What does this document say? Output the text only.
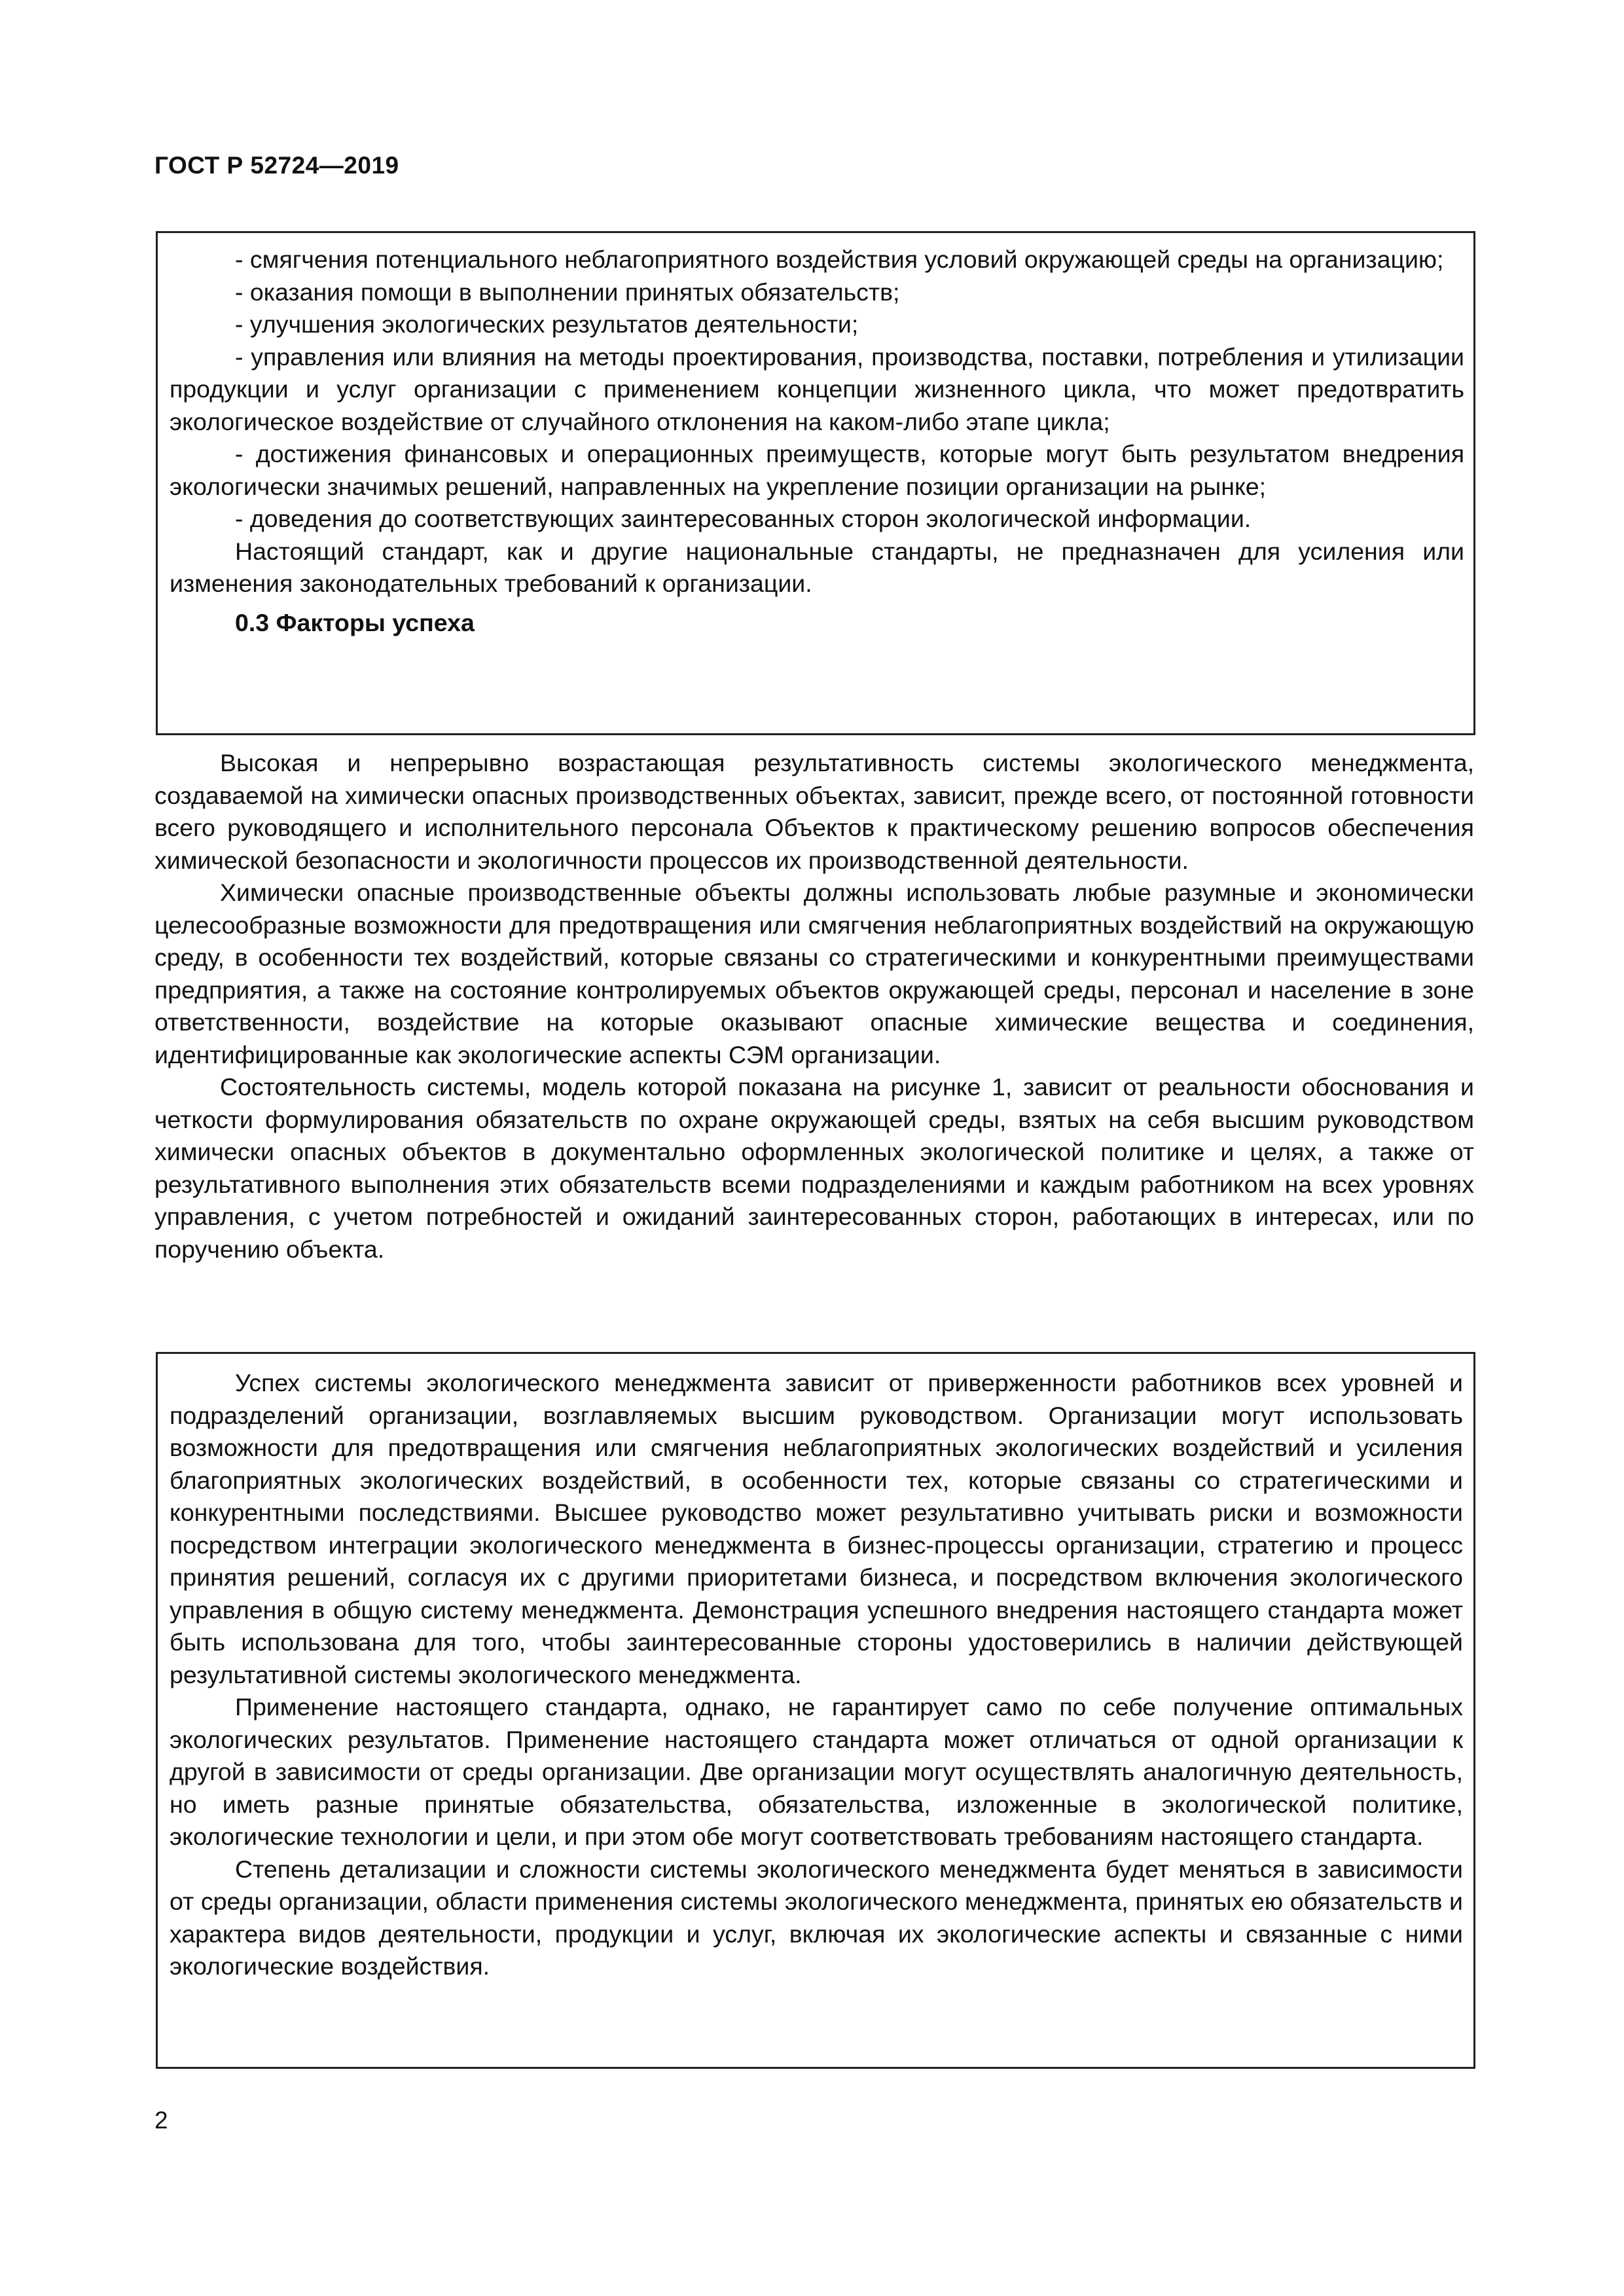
ГОСТ Р 52724—2019

- смягчения потенциального неблагоприятного воздействия условий окружающей среды на организацию;

- оказания помощи в выполнении принятых обязательств;

- улучшения экологических результатов деятельности;

- управления или влияния на методы проектирования, производства, поставки, потребления и утилизации продукции и услуг организации с применением концепции жизненного цикла, что может предотвратить экологическое воздействие от случайного отклонения на каком-либо этапе цикла;

- достижения финансовых и операционных преимуществ, которые могут быть результатом внедрения экологически значимых решений, направленных на укрепление позиции организации на рынке;

- доведения до соответствующих заинтересованных сторон экологической информации.

Настоящий стандарт, как и другие национальные стандарты, не предназначен для усиления или изменения законодательных требований к организации.

0.3 Факторы успеха

Высокая и непрерывно возрастающая результативность системы экологического менеджмента, создаваемой на химически опасных производственных объектах, зависит, прежде всего, от постоянной готовности всего руководящего и исполнительного персонала Объектов к практическому решению вопросов обеспечения химической безопасности и экологичности процессов их производственной деятельности.

Химически опасные производственные объекты должны использовать любые разумные и экономически целесообразные возможности для предотвращения или смягчения неблагоприятных воздействий на окружающую среду, в особенности тех воздействий, которые связаны со стратегическими и конкурентными преимуществами предприятия, а также на состояние контролируемых объектов окружающей среды, персонал и население в зоне ответственности, воздействие на которые оказывают опасные химические вещества и соединения, идентифицированные как экологические аспекты СЭМ организации.

Состоятельность системы, модель которой показана на рисунке 1, зависит от реальности обоснования и четкости формулирования обязательств по охране окружающей среды, взятых на себя высшим руководством химически опасных объектов в документально оформленных экологической политике и целях, а также от результативного выполнения этих обязательств всеми подразделениями и каждым работником на всех уровнях управления, с учетом потребностей и ожиданий заинтересованных сторон, работающих в интересах, или по поручению объекта.

Успех системы экологического менеджмента зависит от приверженности работников всех уровней и подразделений организации, возглавляемых высшим руководством. Организации могут использовать возможности для предотвращения или смягчения неблагоприятных экологических воздействий и усиления благоприятных экологических воздействий, в особенности тех, которые связаны со стратегическими и конкурентными последствиями. Высшее руководство может результативно учитывать риски и возможности посредством интеграции экологического менеджмента в бизнес-процессы организации, стратегию и процесс принятия решений, согласуя их с другими приоритетами бизнеса, и посредством включения экологического управления в общую систему менеджмента. Демонстрация успешного внедрения настоящего стандарта может быть использована для того, чтобы заинтересованные стороны удостоверились в наличии действующей результативной системы экологического менеджмента.

Применение настоящего стандарта, однако, не гарантирует само по себе получение оптимальных экологических результатов. Применение настоящего стандарта может отличаться от одной организации к другой в зависимости от среды организации. Две организации могут осуществлять аналогичную деятельность, но иметь разные принятые обязательства, обязательства, изложенные в экологической политике, экологические технологии и цели, и при этом обе могут соответствовать требованиям настоящего стандарта.

Степень детализации и сложности системы экологического менеджмента будет меняться в зависимости от среды организации, области применения системы экологического менеджмента, принятых ею обязательств и характера видов деятельности, продукции и услуг, включая их экологические аспекты и связанные с ними экологические воздействия.

2
